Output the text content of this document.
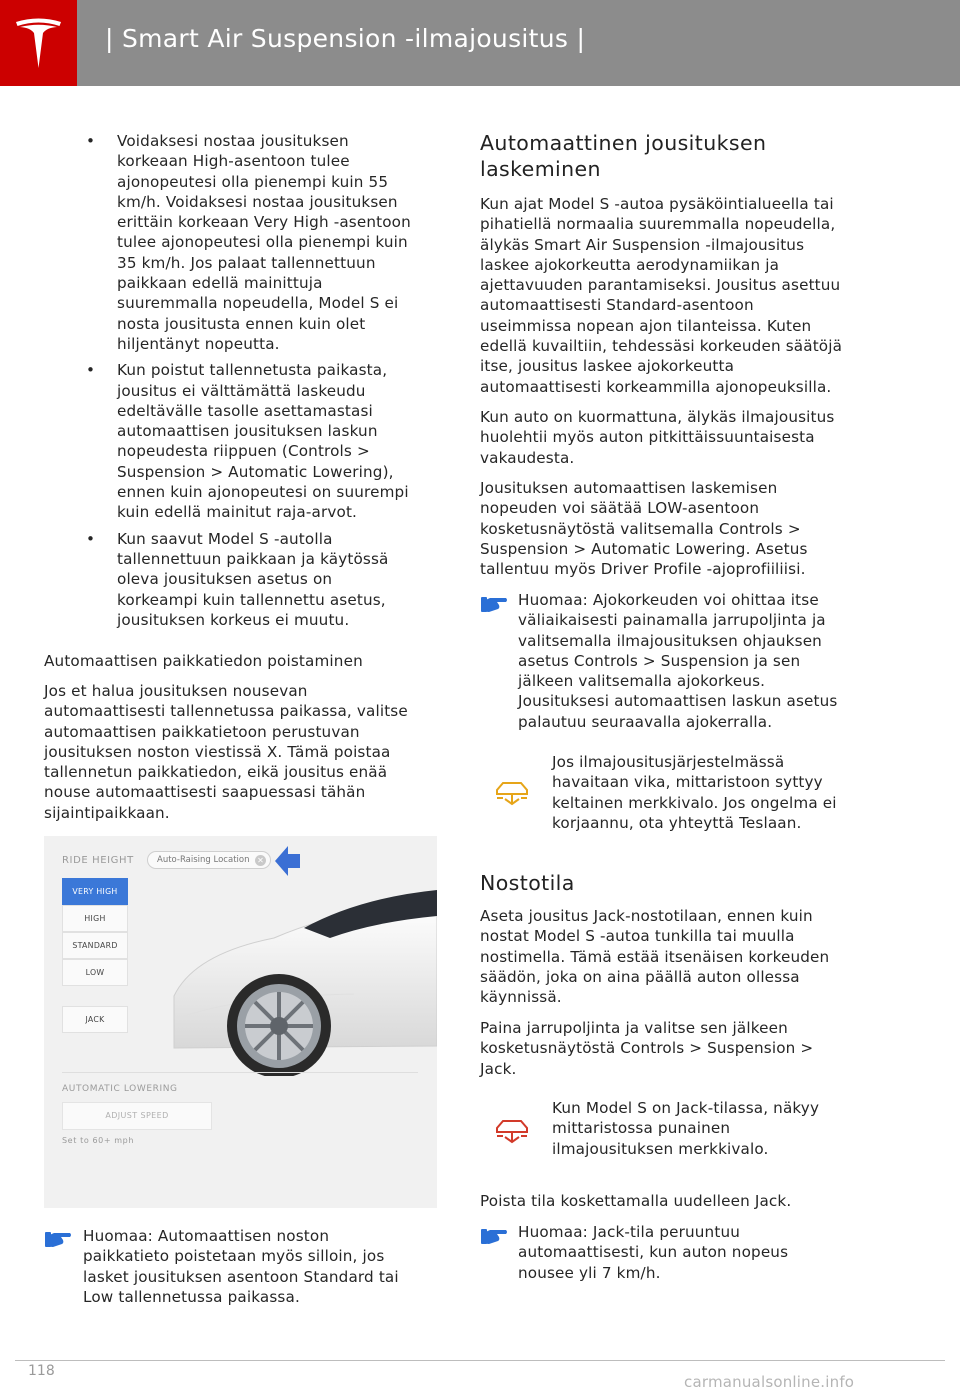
| Smart Air Suspension -ilmajousitus |
• Voidaksesi nostaa jousituksen
korkeaan High-asentoon tulee
ajonopeutesi olla pienempi kuin 55
km/h. Voidaksesi nostaa jousituksen
erittäin korkeaan Very High -asentoon
tulee ajonopeutesi olla pienempi kuin
35 km/h. Jos palaat tallennettuun
paikkaan edellä mainittuja
suuremmalla nopeudella, Model S ei
nosta jousitusta ennen kuin olet
hiljentänyt nopeutta.
• Kun poistut tallennetusta paikasta,
jousitus ei välttämättä laskeudu
edeltävälle tasolle asettamastasi
automaattisen jousituksen laskun
nopeudesta riippuen (Controls >
Suspension > Automatic Lowering),
ennen kuin ajonopeutesi on suurempi
kuin edellä mainitut raja-arvot.
• Kun saavut Model S -autolla
tallennettuun paikkaan ja käytössä
oleva jousituksen asetus on
korkeampi kuin tallennettu asetus,
jousituksen korkeus ei muutu.
Automaattisen paikkatiedon poistaminen
Jos et halua jousituksen nousevan
automaattisesti tallennetussa paikassa, valitse
automaattisen paikkatietoon perustuvan
jousituksen noston viestissä X. Tämä poistaa
tallennetun paikkatiedon, eikä jousitus enää
nouse automaattisesti saapuessasi tähän
sijaintipaikkaan.
RIDE HEIGHT	Auto-Raising Location ✕
VERY HIGH
HIGH
STANDARD
LOW
JACK
AUTOMATIC LOWERING
ADJUST SPEED
Set to 60+ mph
Huomaa: Automaattisen noston
paikkatieto poistetaan myös silloin, jos
lasket jousituksen asentoon Standard tai
Low tallennetussa paikassa.
Automaattinen jousituksen
laskeminen
Kun ajat Model S -autoa pysäköintialueella tai
pihatiellä normaalia suuremmalla nopeudella,
älykäs Smart Air Suspension -ilmajousitus
laskee ajokorkeutta aerodynamiikan ja
ajettavuuden parantamiseksi. Jousitus asettuu
automaattisesti Standard-asentoon
useimmissa nopean ajon tilanteissa. Kuten
edellä kuvailtiin, tehdessäsi korkeuden säätöjä
itse, jousitus laskee ajokorkeutta
automaattisesti korkeammilla ajonopeuksilla.
Kun auto on kuormattuna, älykäs ilmajousitus
huolehtii myös auton pitkittäissuuntaisesta
vakaudesta.
Jousituksen automaattisen laskemisen
nopeuden voi säätää LOW-asentoon
kosketusnäytöstä valitsemalla Controls >
Suspension > Automatic Lowering. Asetus
tallentuu myös Driver Profile -ajoprofiiliisi.
Huomaa: Ajokorkeuden voi ohittaa itse
väliaikaisesti painamalla jarrupoljinta ja
valitsemalla ilmajousituksen ohjauksen
asetus Controls > Suspension ja sen
jälkeen valitsemalla ajokorkeus.
Jousituksesi automaattisen laskun asetus
palautuu seuraavalla ajokerralla.
Jos ilmajousitusjärjestelmässä
havaitaan vika, mittaristoon syttyy
keltainen merkkivalo. Jos ongelma ei
korjaannu, ota yhteyttä Teslaan.
Nostotila
Aseta jousitus Jack-nostotilaan, ennen kuin
nostat Model S -autoa tunkilla tai muulla
nostimella. Tämä estää itsenäisen korkeuden
säädön, joka on aina päällä auton ollessa
käynnissä.
Paina jarrupoljinta ja valitse sen jälkeen
kosketusnäytöstä Controls > Suspension >
Jack.
Kun Model S on Jack-tilassa, näkyy
mittaristossa punainen
ilmajousituksen merkkivalo.
Poista tila koskettamalla uudelleen Jack.
Huomaa: Jack-tila peruuntuu
automaattisesti, kun auton nopeus
nousee yli 7 km/h.
118
carmanualsonline.info
